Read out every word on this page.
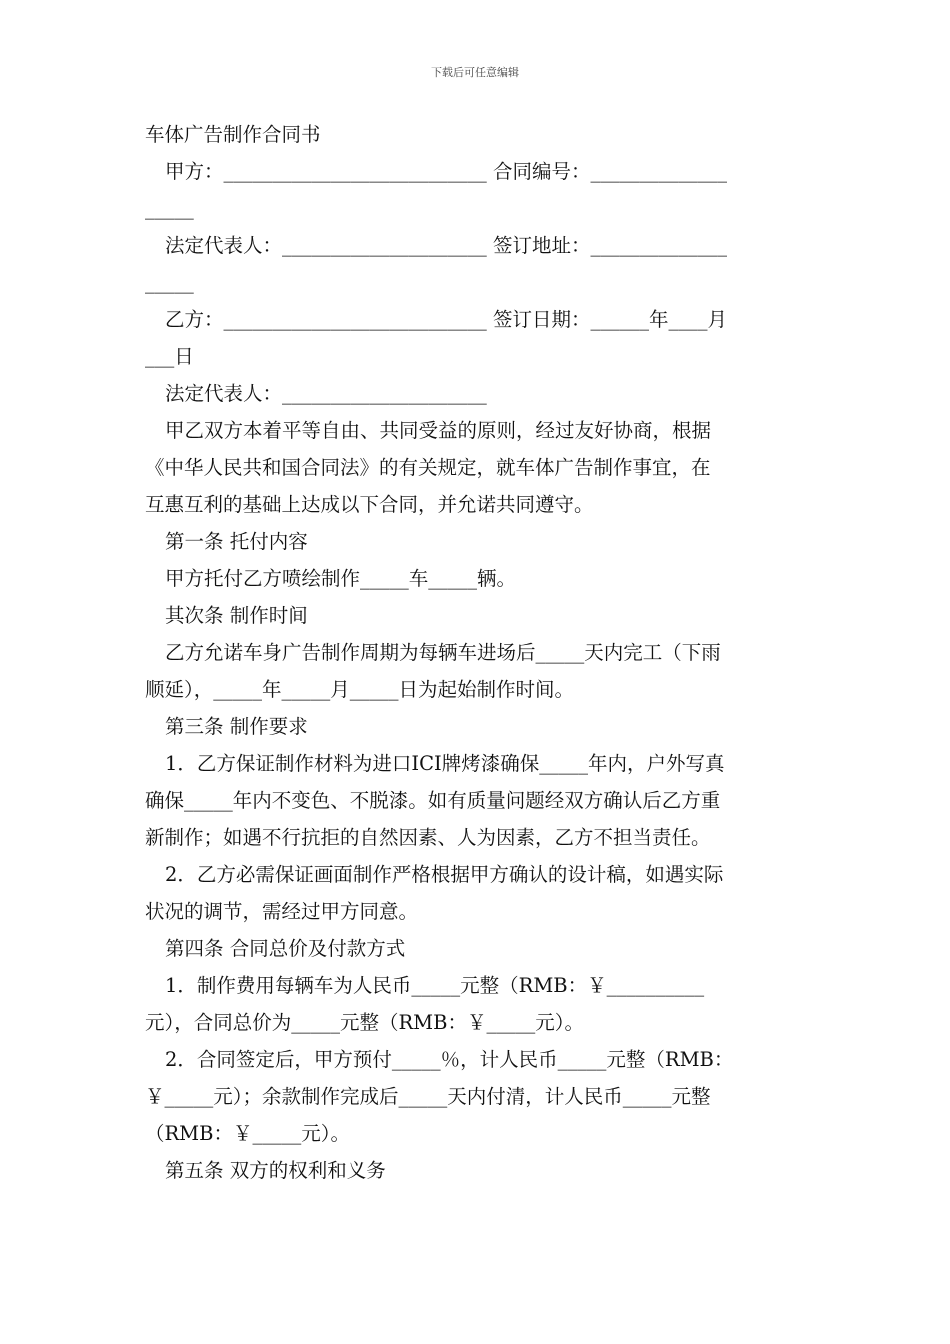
下载后可任意编辑
车体广告制作合同书
甲方：___________________________ 合同编号：______________
_____
法定代表人：_____________________ 签订地址：______________
_____
乙方：___________________________ 签订日期：______年____月
___日
法定代表人：_____________________
甲乙双方本着平等自由、共同受益的原则，经过友好协商，根据
《中华人民共和国合同法》的有关规定，就车体广告制作事宜，在
互惠互利的基础上达成以下合同，并允诺共同遵守。
第一条 托付内容
甲方托付乙方喷绘制作_____车_____辆。
其次条 制作时间
乙方允诺车身广告制作周期为每辆车进场后_____天内完工（下雨
顺延），_____年_____月_____日为起始制作时间。
第三条 制作要求
1．乙方保证制作材料为进口ICI牌烤漆确保_____年内，户外写真
确保_____年内不变色、不脱漆。如有质量问题经双方确认后乙方重
新制作；如遇不行抗拒的自然因素、人为因素，乙方不担当责任。
2．乙方必需保证画面制作严格根据甲方确认的设计稿，如遇实际
状况的调节，需经过甲方同意。
第四条 合同总价及付款方式
1．制作费用每辆车为人民币_____元整（RMB：￥__________
元），合同总价为_____元整（RMB：￥_____元）。
2．合同签定后，甲方预付_____％，计人民币_____元整（RMB：
￥_____元）；余款制作完成后_____天内付清，计人民币_____元整
（RMB：￥_____元）。
第五条 双方的权利和义务
